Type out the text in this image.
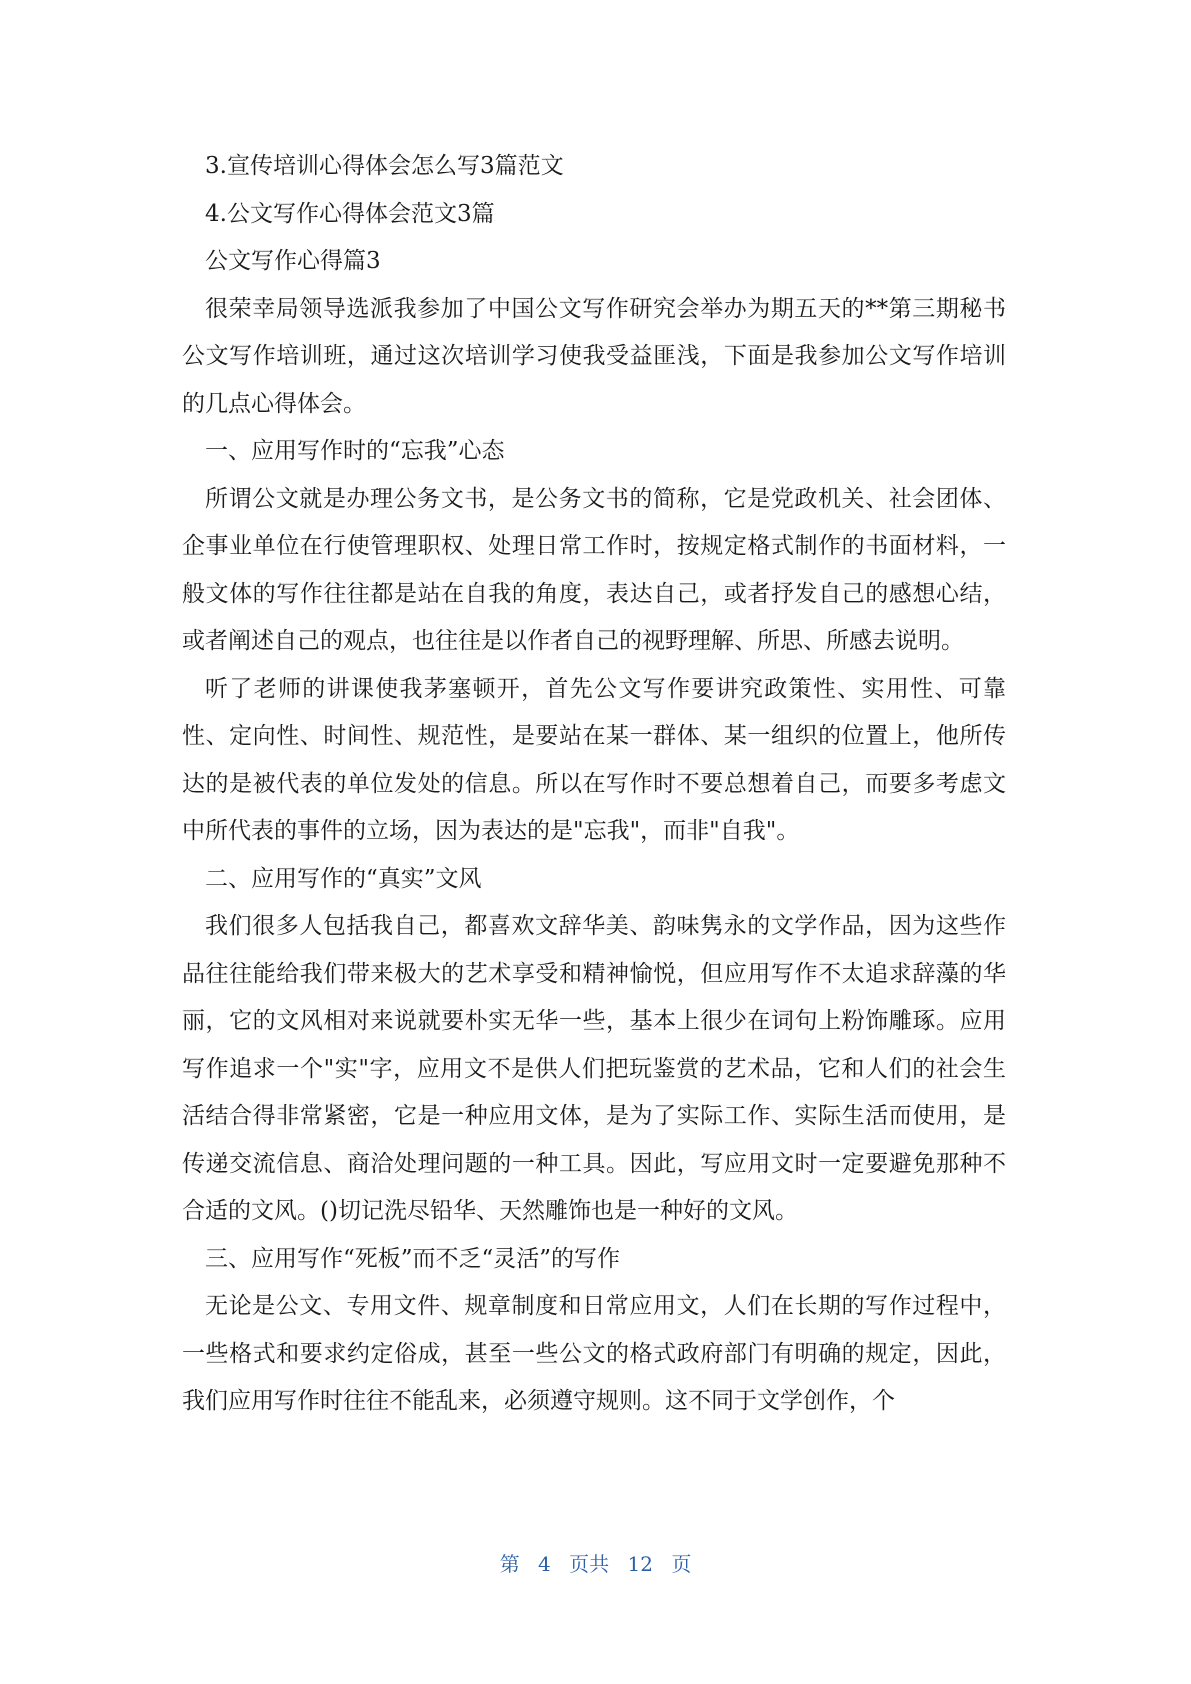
3.宣传培训心得体会怎么写3篇范文

4.公文写作心得体会范文3篇

公文写作心得篇3

很荣幸局领导选派我参加了中国公文写作研究会举办为期五天的**第三期秘书公文写作培训班，通过这次培训学习使我受益匪浅，下面是我参加公文写作培训的几点心得体会。

一、应用写作时的“忘我”心态

所谓公文就是办理公务文书，是公务文书的简称，它是党政机关、社会团体、企事业单位在行使管理职权、处理日常工作时，按规定格式制作的书面材料，一般文体的写作往往都是站在自我的角度，表达自己，或者抒发自己的感想心结，或者阐述自己的观点，也往往是以作者自己的视野理解、所思、所感去说明。

听了老师的讲课使我茅塞顿开，首先公文写作要讲究政策性、实用性、可靠性、定向性、时间性、规范性，是要站在某一群体、某一组织的位置上，他所传达的是被代表的单位发处的信息。所以在写作时不要总想着自己，而要多考虑文中所代表的事件的立场，因为表达的是"忘我"，而非"自我"。

二、应用写作的“真实”文风

我们很多人包括我自己，都喜欢文辞华美、韵味隽永的文学作品，因为这些作品往往能给我们带来极大的艺术享受和精神愉悦，但应用写作不太追求辞藻的华丽，它的文风相对来说就要朴实无华一些，基本上很少在词句上粉饰雕琢。应用写作追求一个"实"字，应用文不是供人们把玩鉴赏的艺术品，它和人们的社会生活结合得非常紧密，它是一种应用文体，是为了实际工作、实际生活而使用，是传递交流信息、商洽处理问题的一种工具。因此，写应用文时一定要避免那种不合适的文风。()切记洗尽铅华、天然雕饰也是一种好的文风。

三、应用写作“死板”而不乏“灵活”的写作

无论是公文、专用文件、规章制度和日常应用文，人们在长期的写作过程中，一些格式和要求约定俗成，甚至一些公文的格式政府部门有明确的规定，因此，我们应用写作时往往不能乱来，必须遵守规则。这不同于文学创作，个

第 4 页共 12 页
